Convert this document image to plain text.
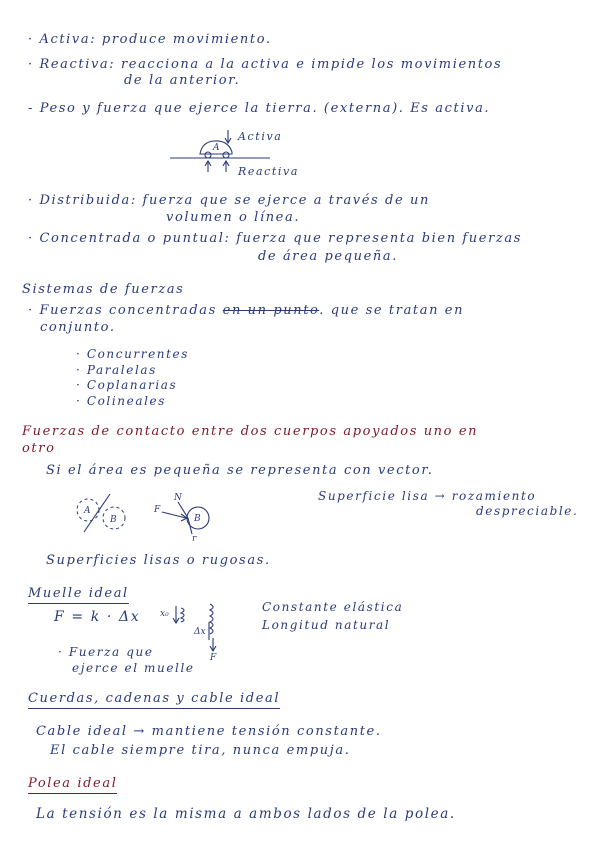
· Activa: produce movimiento.
· Reactiva: reacciona a la activa e impide los movimientos
de la anterior.
- Peso y fuerza que ejerce la tierra. (externa). Es activa.
A
Activa
Reactiva
· Distribuida: fuerza que se ejerce a través de un
volumen o línea.
· Concentrada o puntual: fuerza que representa bien fuerzas
de área pequeña.
Sistemas de fuerzas
· Fuerzas concentradas en un punto. que se tratan en
conjunto.
· Concurrentes
· Paralelas
· Coplanarias
· Colineales
Fuerzas de contacto entre dos cuerpos apoyados uno en
otro
Si el área es pequeña se representa con vector.
A
B
F
N
r
B
Superficie lisa → rozamiento
despreciable.
Superficies lisas o rugosas.
Muelle ideal
F = k · Δx x₀
Δx
F
Constante elástica
Longitud natural
· Fuerza que
ejerce el muelle
Cuerdas, cadenas y cable ideal
Cable ideal → mantiene tensión constante.
El cable siempre tira, nunca empuja.
Polea ideal
La tensión es la misma a ambos lados de la polea.
